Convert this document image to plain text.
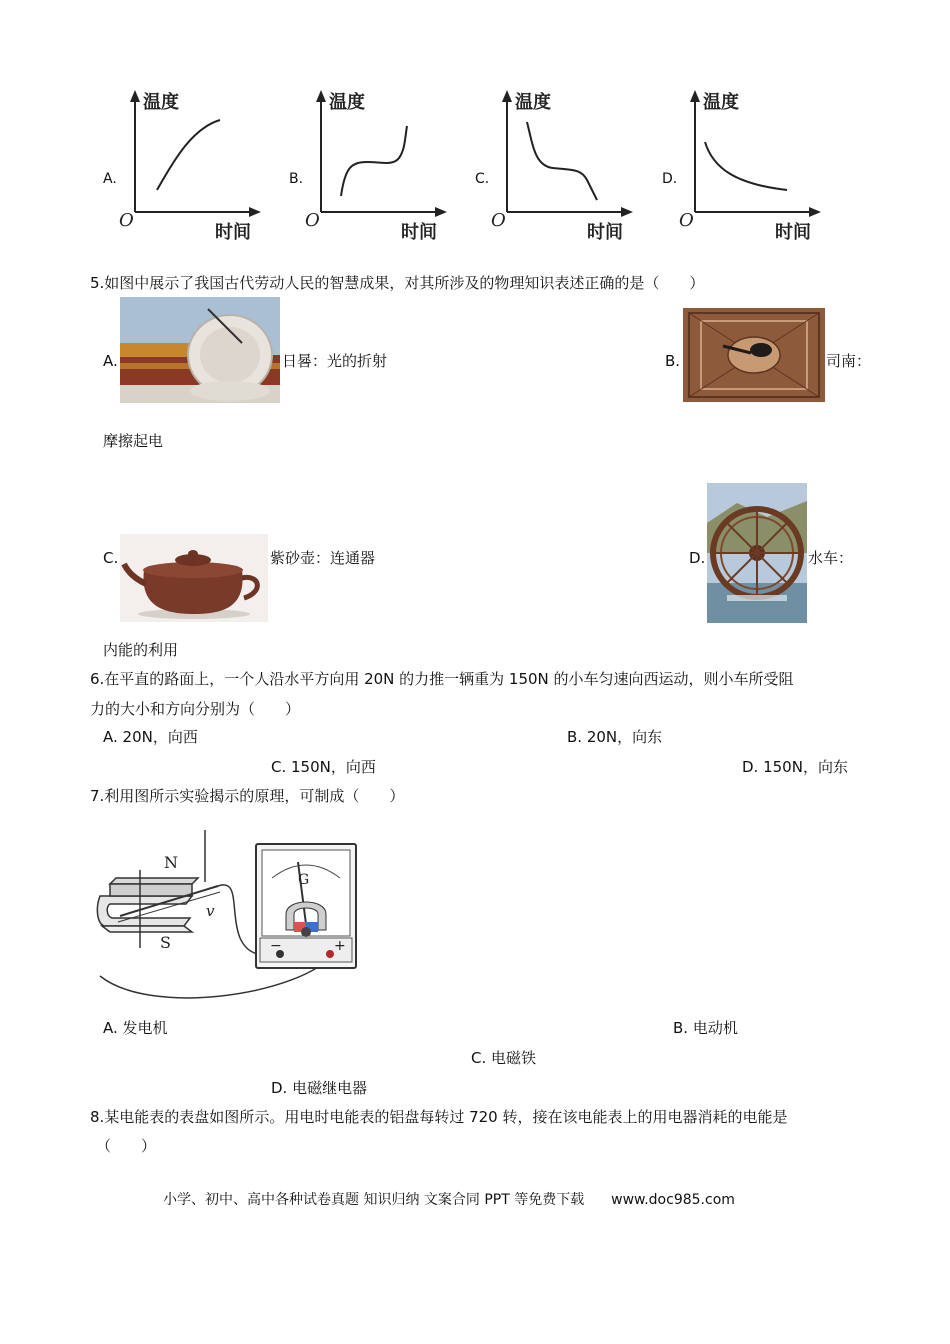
A.
温度
O
时间
B.
温度
O
时间
C.
温度
O
时间
D.
温度
O
时间
5.如图中展示了我国古代劳动人民的智慧成果，对其所涉及的物理知识表述正确的是（　　）
A.	日晷：光的折射	B.	司南：
摩擦起电
C.	紫砂壶：连通器	D.	水车：
内能的利用
6.在平直的路面上，一个人沿水平方向用 20N 的力推一辆重为 150N 的小车匀速向西运动，则小车所受阻
力的大小和方向分别为（　　）
A. 20N，向西	B. 20N，向东
C. 150N，向西	D. 150N，向东
7.利用图所示实验揭示的原理，可制成（　　）
N
S
v
G
−	+
A. 发电机	B. 电动机
C. 电磁铁
D. 电磁继电器
8.某电能表的表盘如图所示。用电时电能表的铝盘每转过 720 转，接在该电能表上的用电器消耗的电能是
（　　）
小学、初中、高中各种试卷真题 知识归纳 文案合同 PPT 等免费下载 www.doc985.com
